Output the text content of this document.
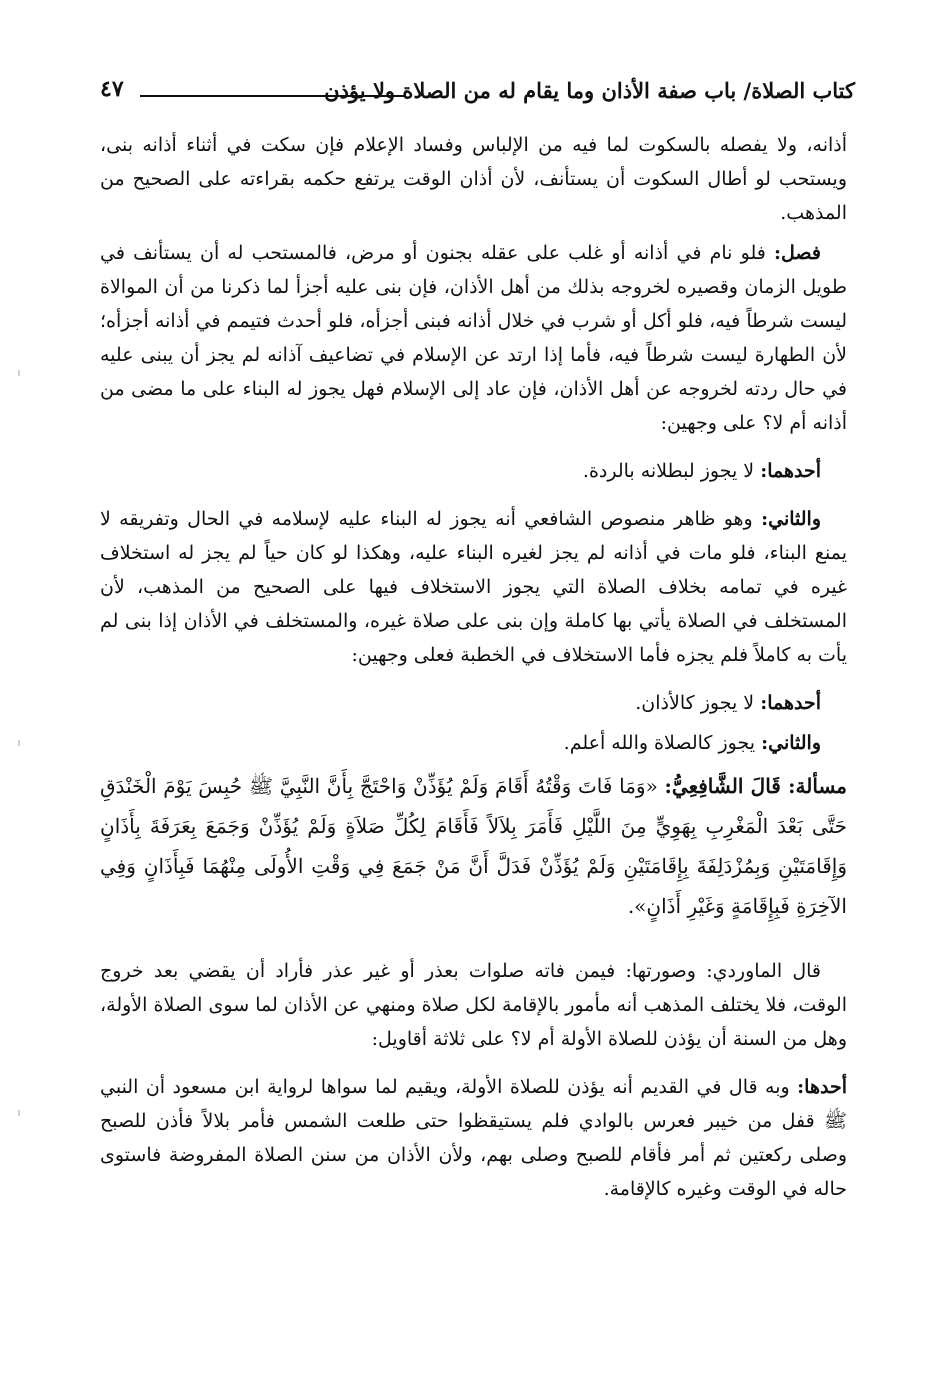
كتاب الصلاة/ باب صفة الأذان وما يقام له من الصلاة ولا يؤذن
٤٧

أذانه، ولا يفصله بالسكوت لما فيه من الإلباس وفساد الإعلام فإن سكت في أثناء أذانه بنى، ويستحب لو أطال السكوت أن يستأنف، لأن أذان الوقت يرتفع حكمه بقراءته على الصحيح من المذهب.

فصل: فلو نام في أذانه أو غلب على عقله بجنون أو مرض، فالمستحب له أن يستأنف في طويل الزمان وقصيره لخروجه بذلك من أهل الأذان، فإن بنى عليه أجزأ لما ذكرنا من أن الموالاة ليست شرطاً فيه، فلو أكل أو شرب في خلال أذانه فبنى أجزأه، فلو أحدث فتيمم في أذانه أجزأه؛ لأن الطهارة ليست شرطاً فيه، فأما إذا ارتد عن الإسلام في تضاعيف آذانه لم يجز أن يبنى عليه في حال ردته لخروجه عن أهل الأذان، فإن عاد إلى الإسلام فهل يجوز له البناء على ما مضى من أذانه أم لا؟ على وجهين:

أحدهما: لا يجوز لبطلانه بالردة.

والثاني: وهو ظاهر منصوص الشافعي أنه يجوز له البناء عليه لإسلامه في الحال وتفريقه لا يمنع البناء، فلو مات في أذانه لم يجز لغيره البناء عليه، وهكذا لو كان حياً لم يجز له استخلاف غيره في تمامه بخلاف الصلاة التي يجوز الاستخلاف فيها على الصحيح من المذهب، لأن المستخلف في الصلاة يأتي بها كاملة وإن بنى على صلاة غيره، والمستخلف في الأذان إذا بنى لم يأت به كاملاً فلم يجزه فأما الاستخلاف في الخطبة فعلى وجهين:

أحدهما: لا يجوز كالأذان.

والثاني: يجوز كالصلاة والله أعلم.

مسألة: قَالَ الشَّافِعِيُّ: «وَمَا فَاتَ وَقْتُهُ أَقَامَ وَلَمْ يُؤَذِّنْ وَاحْتَجَّ بِأَنَّ النَّبِيَّ ﷺ حُبِسَ يَوْمَ الْخَنْدَقِ حَتَّى بَعْدَ الْمَغْرِبِ بِهَوِيٍّ مِنَ اللَّيْلِ فَأَمَرَ بِلاَلاً فَأَقَامَ لِكُلِّ صَلاَةٍ وَلَمْ يُؤَذِّنْ وَجَمَعَ بِعَرَفَةَ بِأَذَانٍ وَإِقَامَتَيْنِ وَبِمُزْدَلِفَةَ بِإِقَامَتَيْنِ وَلَمْ يُؤَذِّنْ فَدَلَّ أَنَّ مَنْ جَمَعَ فِي وَقْتِ الأُولَى مِنْهُمَا فَبِأَذَانٍ وَفِي الآخِرَةِ فَبِإِقَامَةٍ وَغَيْرِ أَذَانٍ».

قال الماوردي: وصورتها: فيمن فاته صلوات بعذر أو غير عذر فأراد أن يقضي بعد خروج الوقت، فلا يختلف المذهب أنه مأمور بالإقامة لكل صلاة ومنهي عن الأذان لما سوى الصلاة الأولة، وهل من السنة أن يؤذن للصلاة الأولة أم لا؟ على ثلاثة أقاويل:

أحدها: وبه قال في القديم أنه يؤذن للصلاة الأولة، ويقيم لما سواها لرواية ابن مسعود أن النبي ﷺ قفل من خيبر فعرس بالوادي فلم يستيقظوا حتى طلعت الشمس فأمر بلالاً فأذن للصبح وصلى ركعتين ثم أمر فأقام للصبح وصلى بهم، ولأن الأذان من سنن الصلاة المفروضة فاستوى حاله في الوقت وغيره كالإقامة.
